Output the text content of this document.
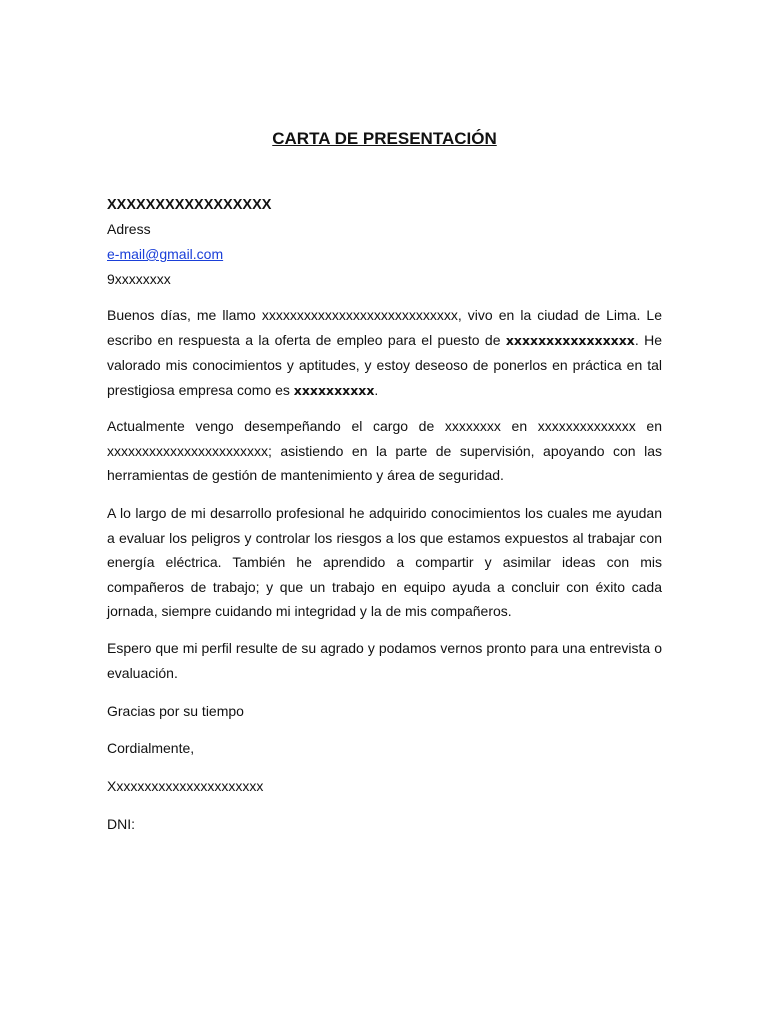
CARTA DE PRESENTACIÓN
XXXXXXXXXXXXXXXXX
Adress
e-mail@gmail.com
9xxxxxxxx

Buenos días, me llamo xxxxxxxxxxxxxxxxxxxxxxxxxxxx, vivo en la ciudad de Lima. Le escribo en respuesta a la oferta de empleo para el puesto de xxxxxxxxxxxxxxxx. He valorado mis conocimientos y aptitudes, y estoy deseoso de ponerlos en práctica en tal prestigiosa empresa como es xxxxxxxxxx.

Actualmente vengo desempeñando el cargo de xxxxxxxx en xxxxxxxxxxxxxx en xxxxxxxxxxxxxxxxxxxxxxx; asistiendo en la parte de supervisión, apoyando con las herramientas de gestión de mantenimiento y área de seguridad.

A lo largo de mi desarrollo profesional he adquirido conocimientos los cuales me ayudan a evaluar los peligros y controlar los riesgos a los que estamos expuestos al trabajar con energía eléctrica. También he aprendido a compartir y asimilar ideas con mis compañeros de trabajo; y que un trabajo en equipo ayuda a concluir con éxito cada jornada, siempre cuidando mi integridad y la de mis compañeros.

Espero que mi perfil resulte de su agrado y podamos vernos pronto para una entrevista o evaluación.

Gracias por su tiempo
Cordialmente,
Xxxxxxxxxxxxxxxxxxxxxx
DNI:
